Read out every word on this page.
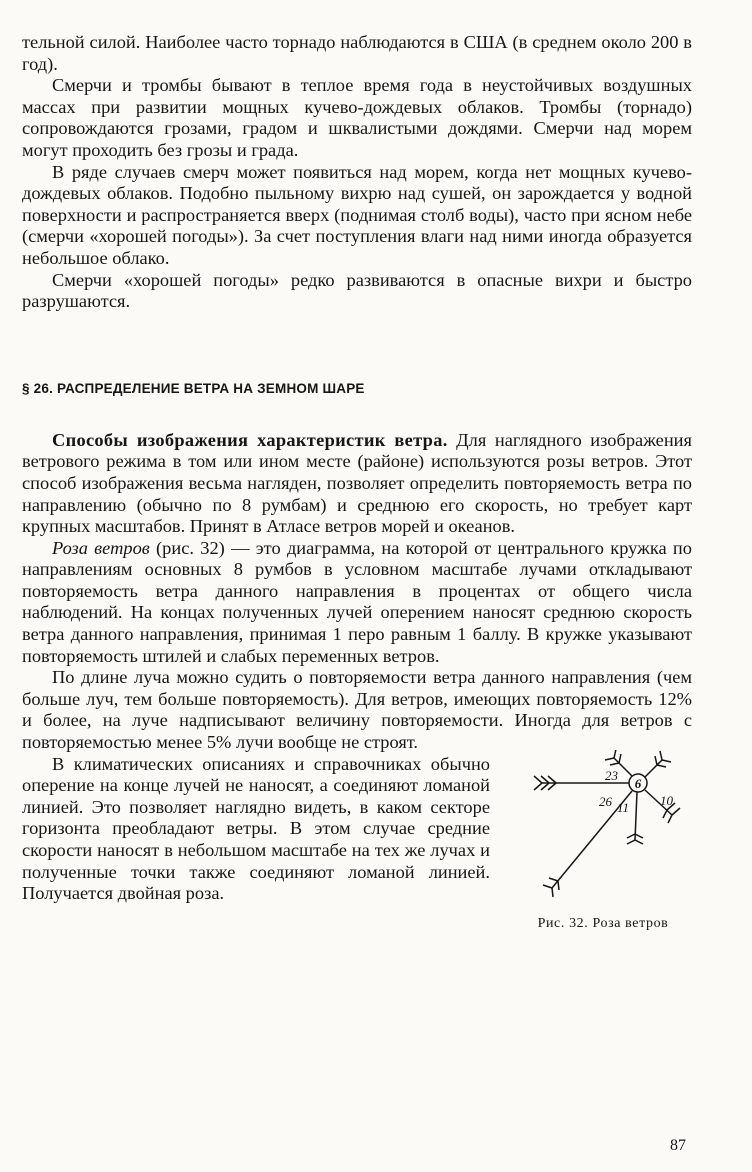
тельной силой. Наиболее часто торнадо наблюдаются в США (в среднем около 200 в год).

Смерчи и тромбы бывают в теплое время года в неустойчивых воздушных массах при развитии мощных кучево-дождевых облаков. Тромбы (торнадо) сопровождаются грозами, градом и шквалистыми дождями. Смерчи над морем могут проходить без грозы и града.

В ряде случаев смерч может появиться над морем, когда нет мощных кучево-дождевых облаков. Подобно пыльному вихрю над сушей, он зарождается у водной поверхности и распространяется вверх (поднимая столб воды), часто при ясном небе (смерчи «хорошей погоды»). За счет поступления влаги над ними иногда образуется небольшое облако.

Смерчи «хорошей погоды» редко развиваются в опасные вихри и быстро разрушаются.

§ 26. РАСПРЕДЕЛЕНИЕ ВЕТРА НА ЗЕМНОМ ШАРЕ

Способы изображения характеристик ветра. Для наглядного изображения ветрового режима в том или ином месте (районе) используются розы ветров. Этот способ изображения весьма нагляден, позволяет определить повторяемость ветра по направлению (обычно по 8 румбам) и среднюю его скорость, но требует карт крупных масштабов. Принят в Атласе ветров морей и океанов.

Роза ветров (рис. 32) — это диаграмма, на которой от центрального кружка по направлениям основных 8 румбов в условном масштабе лучами откладывают повторяемость ветра данного направления в процентах от общего числа наблюдений. На концах полученных лучей оперением наносят среднюю скорость ветра данного направления, принимая 1 перо равным 1 баллу. В кружке указывают повторяемость штилей и слабых переменных ветров.

По длине луча можно судить о повторяемости ветра данного направления (чем больше луч, тем больше повторяемость). Для ветров, имеющих повторяемость 12% и более, на луче надписывают величину повторяемости. Иногда для ветров с повторяемостью менее 5% лучи вообще не строят.

В климатических описаниях и справочниках обычно оперение на конце лучей не наносят, а соединяют ломаной линией. Это позволяет наглядно видеть, в каком секторе горизонта преобладают ветры. В этом случае средние скорости наносят в небольшом масштабе на тех же лучах и полученные точки также соединяют ломаной линией. Получается двойная роза.

6
23
26 11 10
Рис. 32. Роза ветров
87
